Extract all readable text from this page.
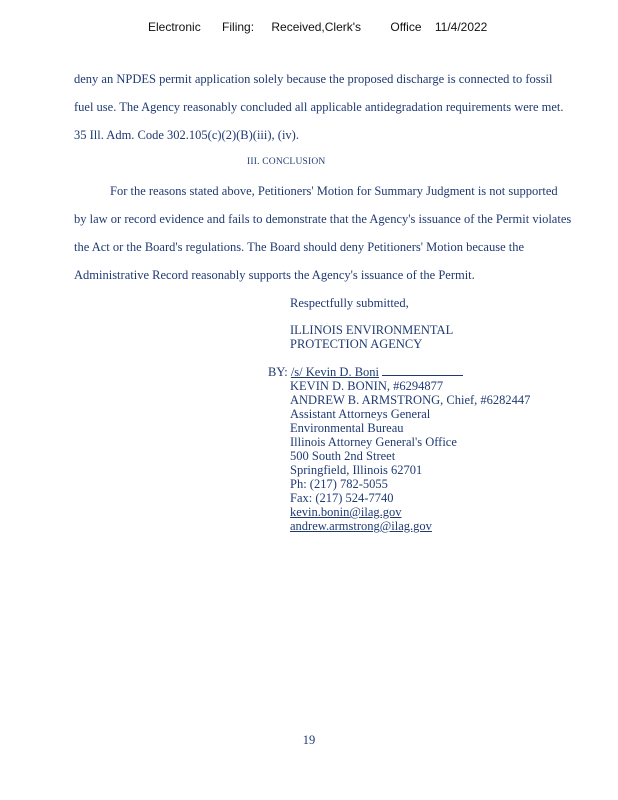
Electronic Filing: Received,Clerk's Office 11/4/2022
deny an NPDES permit application solely because the proposed discharge is connected to fossil
fuel use. The Agency reasonably concluded all applicable antidegradation requirements were met.
35 Ill. Adm. Code 302.105(c)(2)(B)(iii), (iv).
III. CONCLUSION
For the reasons stated above, Petitioners' Motion for Summary Judgment is not supported
by law or record evidence and fails to demonstrate that the Agency's issuance of the Permit violates
the Act or the Board's regulations. The Board should deny Petitioners' Motion because the
Administrative Record reasonably supports the Agency's issuance of the Permit.
Respectfully submitted,
ILLINOIS ENVIRONMENTAL
PROTECTION AGENCY
BY: /s/ Kevin D. Boni
KEVIN D. BONIN, #6294877
ANDREW B. ARMSTRONG, Chief, #6282447
Assistant Attorneys General
Environmental Bureau
Illinois Attorney General's Office
500 South 2nd Street
Springfield, Illinois 62701
Ph: (217) 782-5055
Fax: (217) 524-7740
kevin.bonin@ilag.gov
andrew.armstrong@ilag.gov
19
